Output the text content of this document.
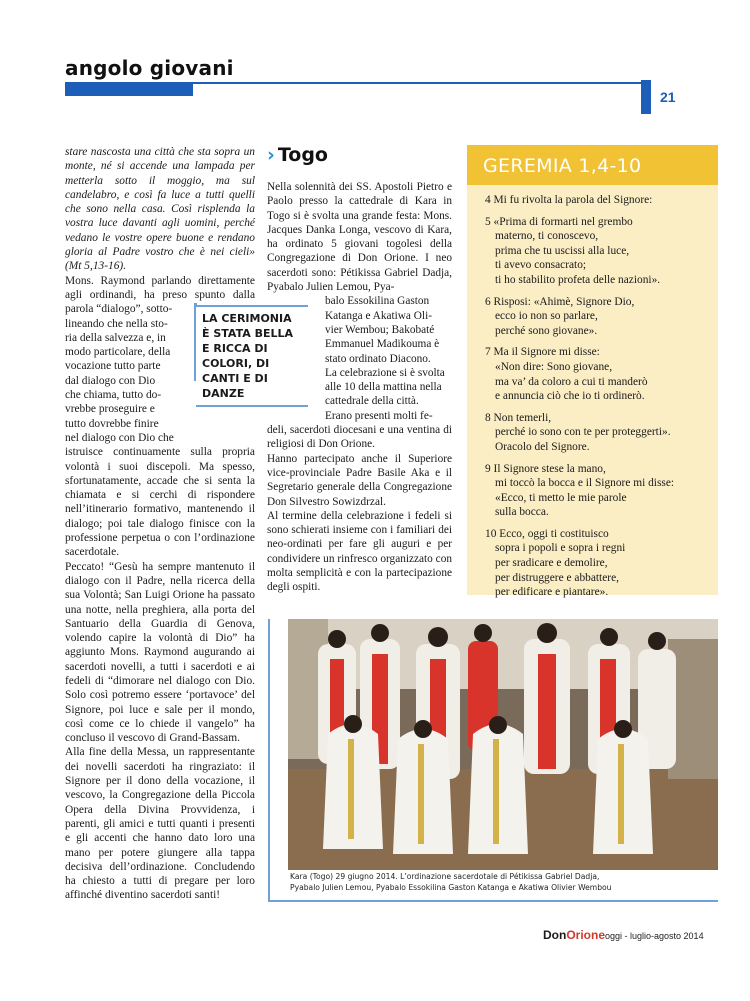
angolo giovani
21

stare nascosta una città che sta sopra un monte, né si accende una lampada per metterla sotto il moggio, ma sul candelabro, e così fa luce a tutti quelli che sono nella casa. Così risplenda la vostra luce davanti agli uomini, perché vedano le vostre opere buone e rendano gloria al Padre vostro che è nei cieli» (Mt 5,13-16).

Mons. Raymond parlando direttamente agli ordinandi, ha preso spunto dalla parola “dialogo”, sotto-

lineando che nella sto-
ria della salvezza e, in
modo particolare, della
vocazione tutto parte
dal dialogo con Dio
che chiama, tutto do-
vrebbe proseguire e
tutto dovrebbe finire
nel dialogo con Dio che

istruisce continuamente sulla propria volontà i suoi discepoli. Ma spesso, sfortunatamente, accade che si senta la chiamata e si cerchi di rispondere nell’itinerario formativo, mantenendo il dialogo; poi tale dialogo finisce con la professione perpetua o con l’ordinazione sacerdotale.

Peccato! “Gesù ha sempre mantenuto il dialogo con il Padre, nella ricerca della sua Volontà; San Luigi Orione ha passato una notte, nella preghiera, alla porta del Santuario della Guardia di Genova, volendo capire la volontà di Dio” ha aggiunto Mons. Raymond augurando ai sacerdoti novelli, a tutti i sacerdoti e ai fedeli di “dimorare nel dialogo con Dio. Solo così potremo essere ‘portavoce’ del Signore, poi luce e sale per il mondo, così come ce lo chiede il vangelo” ha concluso il vescovo di Grand-Bassam.

Alla fine della Messa, un rappresentante dei novelli sacerdoti ha ringraziato: il Signore per il dono della vocazione, il vescovo, la Congregazione della Piccola Opera della Divina Provvidenza, i parenti, gli amici e tutti quanti i presenti e gli accenti che hanno dato loro una mano per potere giungere alla tappa decisiva dell’ordinazione. Concludendo ha chiesto a tutti di pregare per loro affinché diventino sacerdoti santi!

LA CERIMONIA È STATA BELLA E RICCA DI COLORI, DI CANTI E DI DANZE
› Togo

Nella solennità dei SS. Apostoli Pietro e Paolo presso la cattedrale di Kara in Togo si è svolta una grande festa: Mons. Jacques Danka Longa, vescovo di Kara, ha ordinato 5 giovani togolesi della Congregazione di Don Orione. I neo sacerdoti sono: Pétikissa Gabriel Dadja, Pyabalo Julien Lemou, Pya-

balo Essokilina Gaston
Katanga e Akatiwa Oli-
vier Wembou; Bakobaté
Emmanuel Madikouma è
stato ordinato Diacono.
La celebrazione si è svolta
alle 10 della mattina nella
cattedrale della città.
Erano presenti molti fe-

deli, sacerdoti diocesani e una ventina di religiosi di Don Orione.

Hanno partecipato anche il Superiore vice-provinciale Padre Basile Aka e il Segretario generale della Congregazione Don Silvestro Sowizdrzal.

Al termine della celebrazione i fedeli si sono schierati insieme con i familiari dei neo-ordinati per fare gli auguri e per condividere un rinfresco organizzato con molta semplicità e con la partecipazione degli ospiti.

GEREMIA 1,4-10
4 Mi fu rivolta la parola del Signore:
5 «Prima di formarti nel grembo
materno, ti conoscevo,
prima che tu uscissi alla luce,
ti avevo consacrato;
ti ho stabilito profeta delle nazioni».
6 Risposi: «Ahimè, Signore Dio,
ecco io non so parlare,
perché sono giovane».
7 Ma il Signore mi disse:
«Non dire: Sono giovane,
ma va’ da coloro a cui ti manderò
e annuncia ciò che io ti ordinerò.
8 Non temerli,
perché io sono con te per proteggerti».
Oracolo del Signore.
9 Il Signore stese la mano,
mi toccò la bocca e il Signore mi disse:
«Ecco, ti metto le mie parole
sulla bocca.
10 Ecco, oggi ti costituisco
sopra i popoli e sopra i regni
per sradicare e demolire,
per distruggere e abbattere,
per edificare e piantare».
Kara (Togo) 29 giugno 2014. L’ordinazione sacerdotale di Pétikissa Gabriel Dadja,
Pyabalo Julien Lemou, Pyabalo Essokilina Gaston Katanga e Akatiwa Olivier Wembou
DonOrioneoggi - luglio-agosto 2014
